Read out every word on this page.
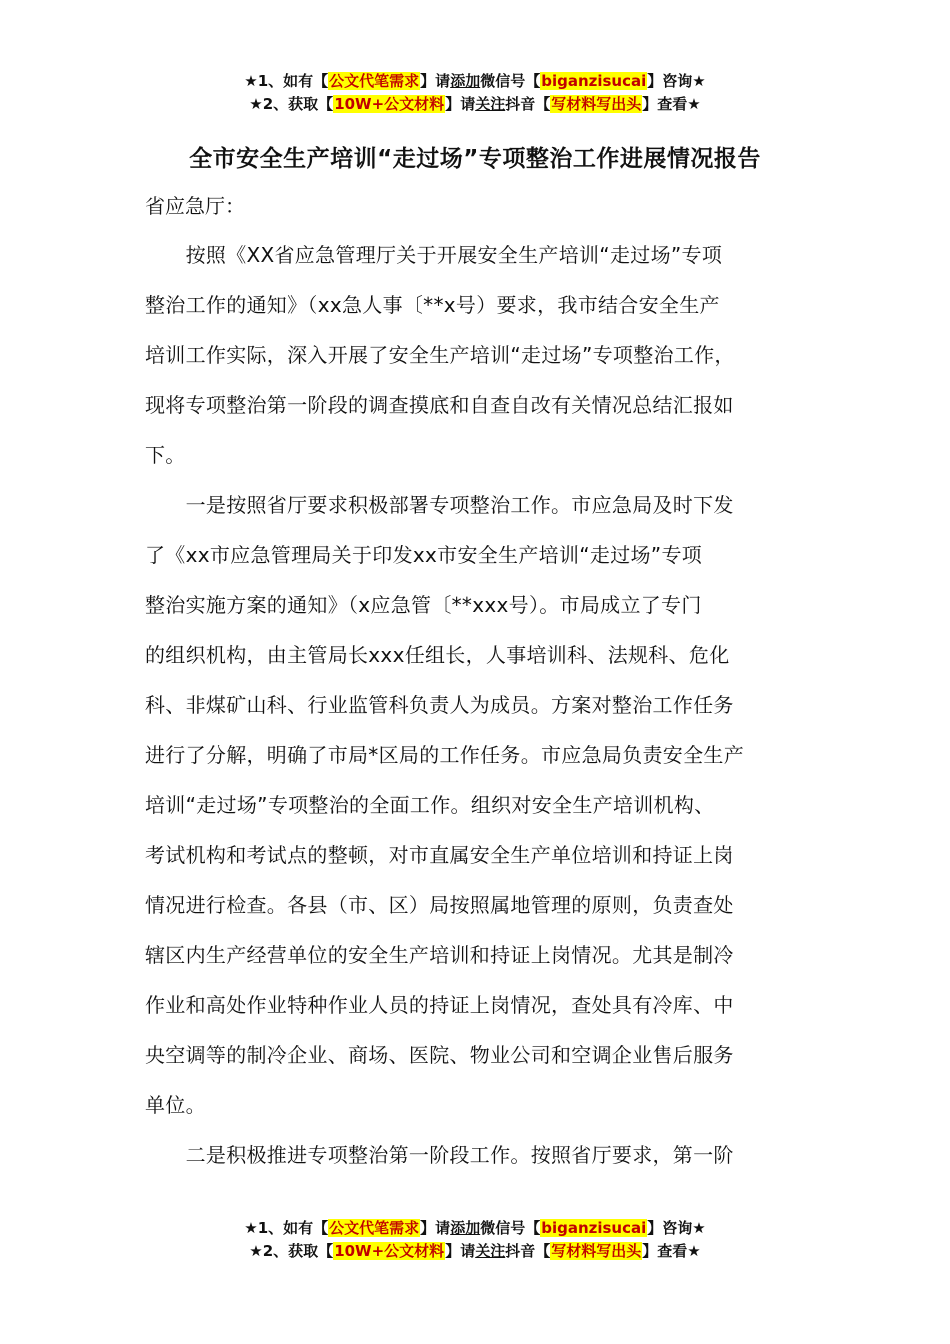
★1、如有【公文代笔需求】请添加微信号【biganzisucai】咨询★
★2、获取【10W+公文材料】请关注抖音【写材料写出头】查看★
全市安全生产培训“走过场”专项整治工作进展情况报告
省应急厅：
　　按照《XX省应急管理厅关于开展安全生产培训“走过场”专项
整治工作的通知》（xx急人事〔**x号）要求，我市结合安全生产
培训工作实际，深入开展了安全生产培训“走过场”专项整治工作，
现将专项整治第一阶段的调查摸底和自查自改有关情况总结汇报如
下。
　　一是按照省厅要求积极部署专项整治工作。市应急局及时下发
了《xx市应急管理局关于印发xx市安全生产培训“走过场”专项
整治实施方案的通知》（x应急管〔**xxx号）。市局成立了专门
的组织机构，由主管局长xxx任组长，人事培训科、法规科、危化
科、非煤矿山科、行业监管科负责人为成员。方案对整治工作任务
进行了分解，明确了市局*区局的工作任务。市应急局负责安全生产
培训“走过场”专项整治的全面工作。组织对安全生产培训机构、
考试机构和考试点的整顿，对市直属安全生产单位培训和持证上岗
情况进行检查。各县（市、区）局按照属地管理的原则，负责查处
辖区内生产经营单位的安全生产培训和持证上岗情况。尤其是制冷
作业和高处作业特种作业人员的持证上岗情况，查处具有冷库、中
央空调等的制冷企业、商场、医院、物业公司和空调企业售后服务
单位。
　　二是积极推进专项整治第一阶段工作。按照省厅要求，第一阶
★1、如有【公文代笔需求】请添加微信号【biganzisucai】咨询★
★2、获取【10W+公文材料】请关注抖音【写材料写出头】查看★
